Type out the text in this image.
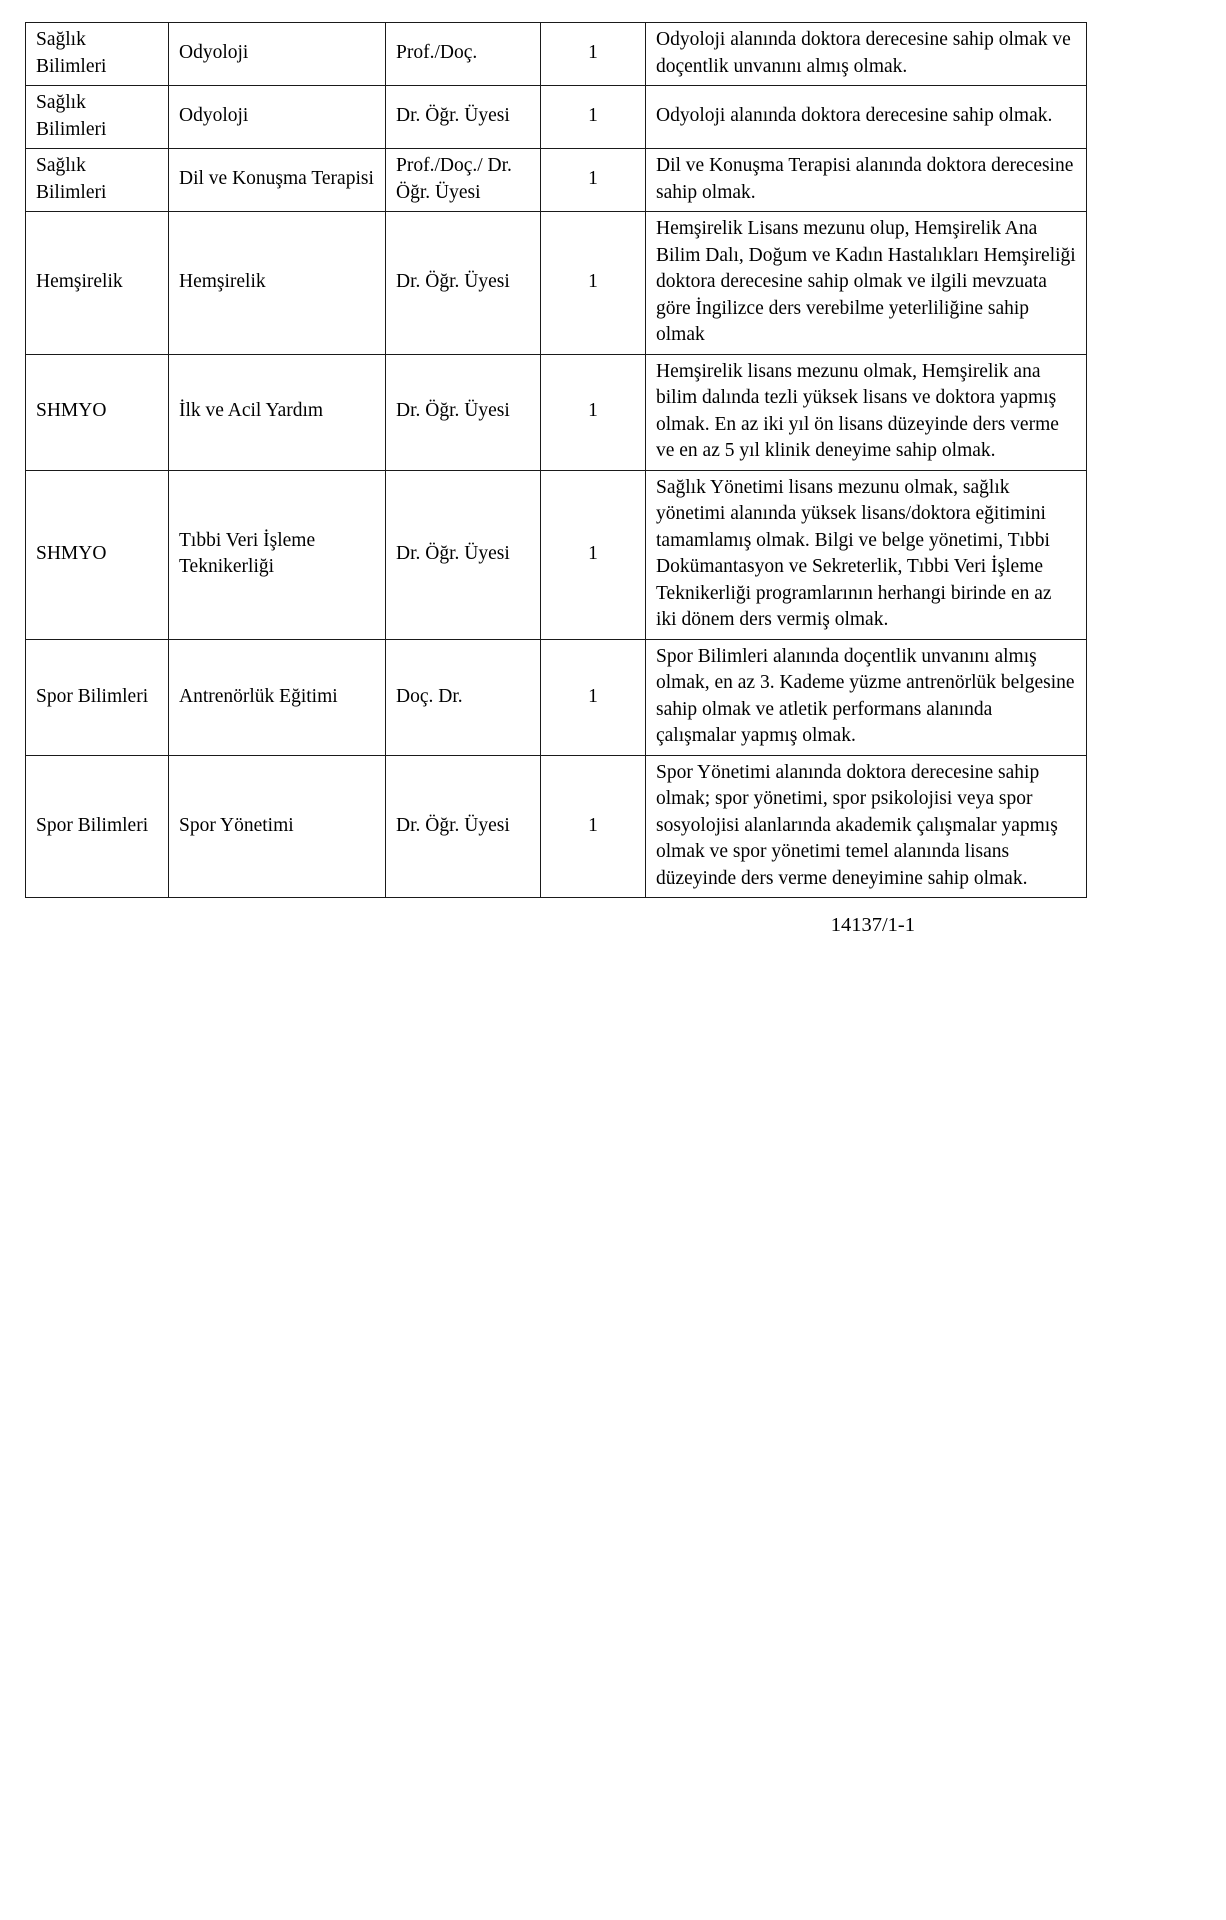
Sağlık Bilimleri	Odyoloji	Prof./Doç.	1	Odyoloji alanında doktora derecesine sahip olmak ve doçentlik unvanını almış olmak.
Sağlık Bilimleri	Odyoloji	Dr. Öğr. Üyesi	1	Odyoloji alanında doktora derecesine sahip olmak.
Sağlık Bilimleri	Dil ve Konuşma Terapisi	Prof./Doç./ Dr. Öğr. Üyesi	1	Dil ve Konuşma Terapisi alanında doktora derecesine sahip olmak.
Hemşirelik	Hemşirelik	Dr. Öğr. Üyesi	1	Hemşirelik Lisans mezunu olup, Hemşirelik Ana Bilim Dalı, Doğum ve Kadın Hastalıkları Hemşireliği doktora derecesine sahip olmak ve ilgili mevzuata göre İngilizce ders verebilme yeterliliğine sahip olmak
SHMYO	İlk ve Acil Yardım	Dr. Öğr. Üyesi	1	Hemşirelik lisans mezunu olmak, Hemşirelik ana bilim dalında tezli yüksek lisans ve doktora yapmış olmak. En az iki yıl ön lisans düzeyinde ders verme ve en az 5 yıl klinik deneyime sahip olmak.
SHMYO	Tıbbi Veri İşleme Teknikerliği	Dr. Öğr. Üyesi	1	Sağlık Yönetimi lisans mezunu olmak, sağlık yönetimi alanında yüksek lisans/doktora eğitimini tamamlamış olmak. Bilgi ve belge yönetimi, Tıbbi Dokümantasyon ve Sekreterlik, Tıbbi Veri İşleme Teknikerliği programlarının herhangi birinde en az iki dönem ders vermiş olmak.
Spor Bilimleri	Antrenörlük Eğitimi	Doç. Dr.	1	Spor Bilimleri alanında doçentlik unvanını almış olmak, en az 3. Kademe yüzme antrenörlük belgesine sahip olmak ve atletik performans alanında çalışmalar yapmış olmak.
Spor Bilimleri	Spor Yönetimi	Dr. Öğr. Üyesi	1	Spor Yönetimi alanında doktora derecesine sahip olmak; spor yönetimi, spor psikolojisi veya spor sosyolojisi alanlarında akademik çalışmalar yapmış olmak ve spor yönetimi temel alanında lisans düzeyinde ders verme deneyimine sahip olmak.
14137/1-1
